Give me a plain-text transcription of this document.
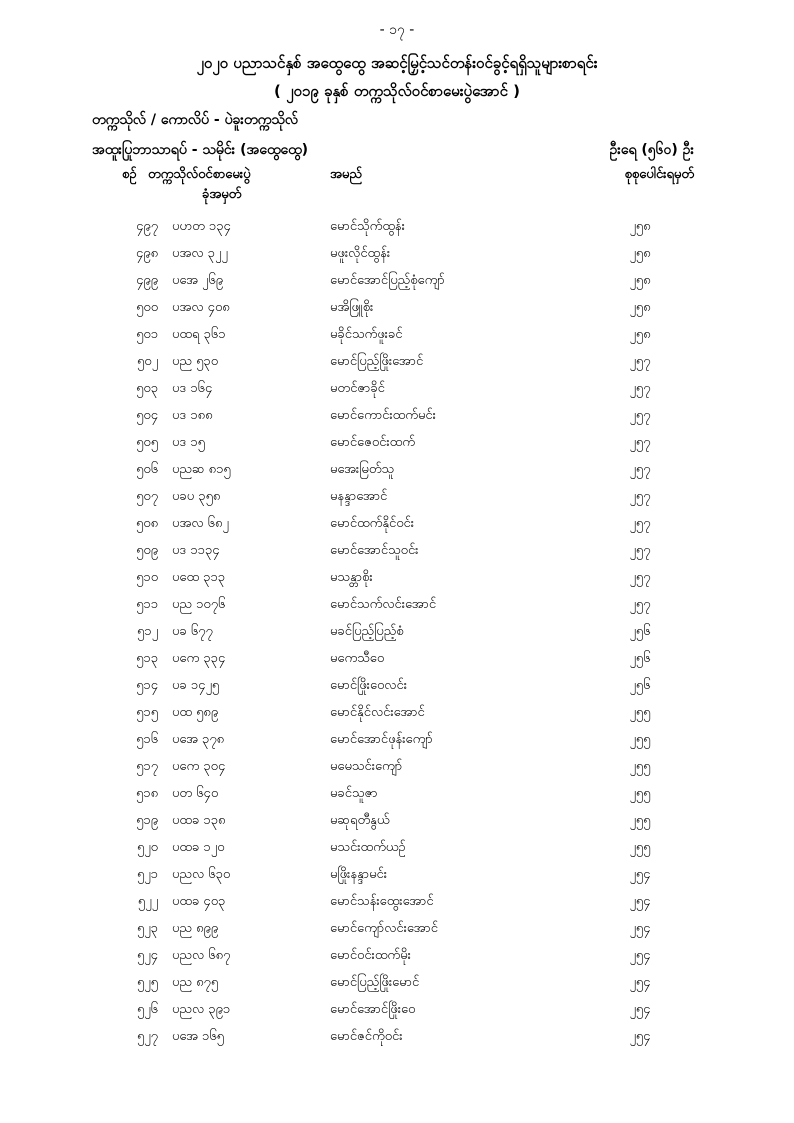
- ၁၇ -
၂၀၂၀ ပညာသင်နှစ် အထွေထွေ အဆင့်မြှင့်သင်တန်းဝင်ခွင့်ရရှိသူများစာရင်း
( ၂၀၁၉ ခုနှစ် တက္ကသိုလ်ဝင်စာမေးပွဲအောင် )
တက္ကသိုလ် / ကောလိပ် - ပဲခူးတက္ကသိုလ်
အထူးပြုဘာသာရပ် - သမိုင်း (အထွေထွေ)	ဦးရေ (၅၆၀) ဦး
စဉ် တက္ကသိုလ်ဝင်စာမေးပွဲ
ခုံအမှတ်
အမည်	စုစုပေါင်းရမှတ်
၄၉၇ ပဟတ ၁၃၄	မောင်သိုက်ထွန်း	၂၅၈
၄၉၈ ပအလ ၃၂၂	မဖူးလိုင်ထွန်း	၂၅၈
၄၉၉ ပအေ ၂၆၉	မောင်အောင်ပြည့်စုံကျော်	၂၅၈
၅၀၀ ပအလ ၄၀၈	မအိဖြူစိုး	၂၅၈
၅၀၁ ပထရ ၃၆၁	မခိုင်သက်ဖူးခင်	၂၅၈
၅၀၂ ပည ၅၃၀	မောင်ပြည့်ဖြိုးအောင်	၂၅၇
၅၀၃ ပဒ ၁၆၄	မတင်ဇာခိုင်	၂၅၇
၅၀၄ ပဒ ၁၈၈	မောင်ကောင်းထက်မင်း	၂၅၇
၅၀၅ ပဒ ၁၅	မောင်ဇေဝင်းထက်	၂၅၇
၅၀၆ ပညဆ ၈၁၅	မအေးမြတ်သူ	၂၅၇
၅၀၇ ပခပ ၃၅၈	မနန္ဒာအောင်	၂၅၇
၅၀၈ ပအလ ၆၈၂	မောင်ထက်နိုင်ဝင်း	၂၅၇
၅၀၉ ပဒ ၁၁၃၄	မောင်အောင်သူဝင်း	၂၅၇
၅၁၀ ပထေ ၃၁၃	မသန္တာစိုး	၂၅၇
၅၁၁ ပည ၁၀၇၆	မောင်သက်လင်းအောင်	၂၅၇
၅၁၂ ပခ ၆၇၇	မခင်ပြည့်ပြည့်စံ	၂၅၆
၅၁၃ ပကေ ၃၃၄	မကေသီဝေ	၂၅၆
၅၁၄ ပခ ၁၄၂၅	မောင်ဖြိုးဝေလင်း	၂၅၆
၅၁၅ ပထ ၅၈၉	မောင်နိုင်လင်းအောင်	၂၅၅
၅၁၆ ပအေ ၃၇၈	မောင်အောင်ဖုန်းကျော်	၂၅၅
၅၁၇ ပကေ ၃၀၄	မမေသင်းကျော်	၂၅၅
၅၁၈ ပတ ၆၄၀	မခင်သူဇာ	၂၅၅
၅၁၉ ပထခ ၁၃၈	မဆုရတီနွယ်	၂၅၅
၅၂၀ ပထခ ၁၂၀	မသင်းထက်ယဉ်	၂၅၅
၅၂၁ ပညလ ၆၃၀	မဖြိုးနန္ဒာမင်း	၂၅၄
၅၂၂ ပထခ ၄၀၃	မောင်သန်းထွေးအောင်	၂၅၄
၅၂၃ ပည ၈၉၉	မောင်ကျော်လင်းအောင်	၂၅၄
၅၂၄ ပညလ ၆၈၇	မောင်ဝင်းထက်မိုး	၂၅၄
၅၂၅ ပည ၈၇၅	မောင်ပြည့်ဖြိုးမောင်	၂၅၄
၅၂၆ ပညလ ၃၉၁	မောင်အောင်ဖြိုးဝေ	၂၅၄
၅၂၇ ပအေ ၁၆၅	မောင်ဇင်ကိုဝင်း	၂၅၄
